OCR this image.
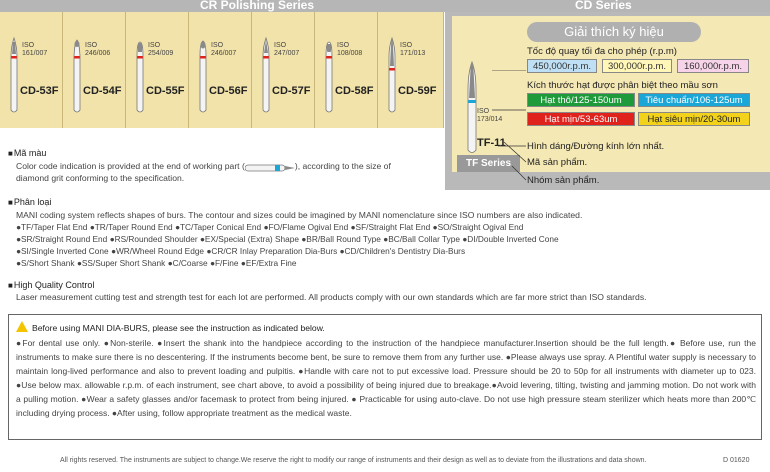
CR Polishing Series	CD Series
ISO
161/007
CD-53F
ISO
246/006
CD-54F
ISO
254/009
CD-55F
ISO
246/007
CD-56F
ISO
247/007
CD-57F
ISO
108/008
CD-58F
ISO
171/013
CD-59F
Giải thích ký hiệu
ISO
173/014
TF-11
TF Series
Tốc độ quay tối đa cho phép (r.p.m)
450,000r.p.m.	300,000r.p.m.	160,000r.p.m.
Kích thước hạt được phân biệt theo mầu sơn
Hạt thô/125-150um	Tiêu chuẩn/106-125um
Hạt mịn/53-63um	Hạt siêu mịn/20-30um
Hình dáng/Đường kính lớn nhất.
Mã sản phẩm.
Nhóm sản phẩm.
■ Mã màu
Color code indication is provided at the end of working part (	), according to the size of
diamond grit conforming to the specification.
■ Phân loại
MANI coding system reflects shapes of burs. The contour and sizes could be imagined by MANI nomenclature since ISO numbers are also indicated.
●TF/Taper Flat End ●TR/Taper Round End ●TC/Taper Conical End ●FO/Flame Ogival End ●SF/Straight Flat End ●SO/Straight Ogival End
●SR/Straight Round End ●RS/Rounded Shoulder ●EX/Special (Extra) Shape ●BR/Ball Round Type ●BC/Ball Collar Type ●DI/Double Inverted Cone
●SI/Single Inverted Cone ●WR/Wheel Round Edge ●CR/CR Inlay Preparation Dia-Burs ●CD/Children's Dentistry Dia-Burs
●S/Short Shank ●SS/Super Short Shank ●C/Coarse ●F/Fine ●EF/Extra Fine
■ High Quality Control
Laser measurement cutting test and strength test for each lot are performed. All products comply with our own standards which are far more strict than ISO standards.
Before using MANI DIA-BURS, please see the instruction as indicated below.
●For dental use only. ●Non-sterile. ●Insert the shank into the handpiece according to the instruction of the handpiece manufacturer.Insertion should be the full length.● Before use, run the instruments to make sure there is no descentering. If the instruments become bent, be sure to remove them from any further use. ●Please always use spray. A Plentiful water supply is necessary to maintain long-lived performance and also to prevent loading and pulpitis. ●Handle with care not to put excessive load. Pressure should be 20 to 50p for all instruments with diameter up to 023. ●Use below max. allowable r.p.m. of each instrument, see chart above, to avoid a possibility of being injured due to breakage.●Avoid levering, tilting, twisting and jamming motion. Do not work with a pulling motion. ●Wear a safety glasses and/or facemask to protect from being injured. ● Practicable for using auto-clave. Do not use high pressure steam sterilizer which heats more than 200℃ including drying process. ●After using, follow appropriate treatment as the medical waste.
All rights reserved. The instruments are subject to change.We reserve the right to modify our range of instruments and their design as well as to deviate from the illustrations and data shown.	D 01620
